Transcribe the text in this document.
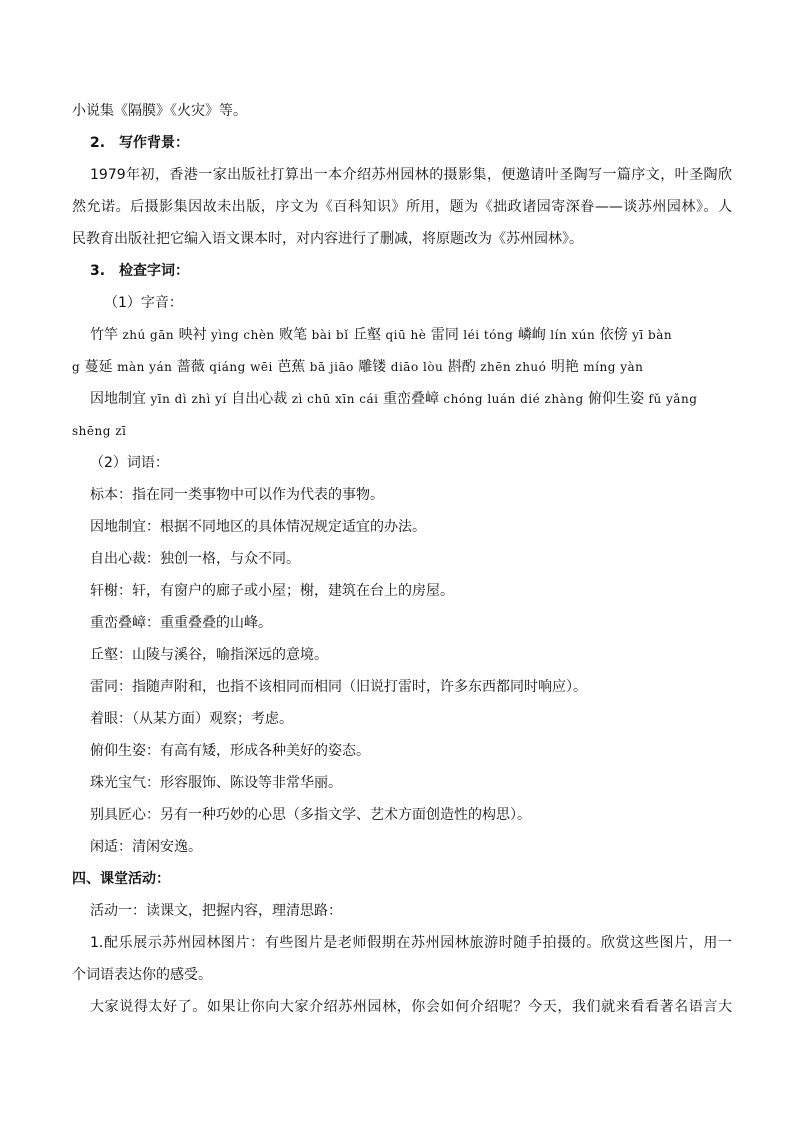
小说集《隔膜》《火灾》等。
2.　写作背景：
1979年初，香港一家出版社打算出一本介绍苏州园林的摄影集，便邀请叶圣陶写一篇序文，叶圣陶欣
然允诺。后摄影集因故未出版，序文为《百科知识》所用，题为《拙政诸园寄深眷——谈苏州园林》。人
民教育出版社把它编入语文课本时，对内容进行了删减，将原题改为《苏州园林》。
3.　检查字词：
（1）字音：
竹竿 zhú gān 映衬 yìng chèn 败笔 bài bǐ 丘壑 qiū hè 雷同 léi tóng 嶙峋 lín xún 依傍 yī bàn
g 蔓延 màn yán 蔷薇 qiáng wēi 芭蕉 bā jiāo 雕镂 diāo lòu 斟酌 zhēn zhuó 明艳 míng yàn
因地制宜 yīn dì zhì yí 自出心裁 zì chū xīn cái 重峦叠嶂 chóng luán dié zhàng 俯仰生姿 fǔ yǎng
shēng zī
（2）词语：
标本：指在同一类事物中可以作为代表的事物。
因地制宜：根据不同地区的具体情况规定适宜的办法。
自出心裁：独创一格，与众不同。
轩榭：轩，有窗户的廊子或小屋；榭，建筑在台上的房屋。
重峦叠嶂：重重叠叠的山峰。
丘壑：山陵与溪谷，喻指深远的意境。
雷同：指随声附和，也指不该相同而相同（旧说打雷时，许多东西都同时响应）。
着眼：（从某方面）观察；考虑。
俯仰生姿：有高有矮，形成各种美好的姿态。
珠光宝气：形容服饰、陈设等非常华丽。
别具匠心：另有一种巧妙的心思（多指文学、艺术方面创造性的构思）。
闲适：清闲安逸。
四、课堂活动：
活动一：读课文，把握内容，理清思路：
1.配乐展示苏州园林图片：有些图片是老师假期在苏州园林旅游时随手拍摄的。欣赏这些图片，用一
个词语表达你的感受。
大家说得太好了。如果让你向大家介绍苏州园林，你会如何介绍呢？今天，我们就来看看著名语言大
